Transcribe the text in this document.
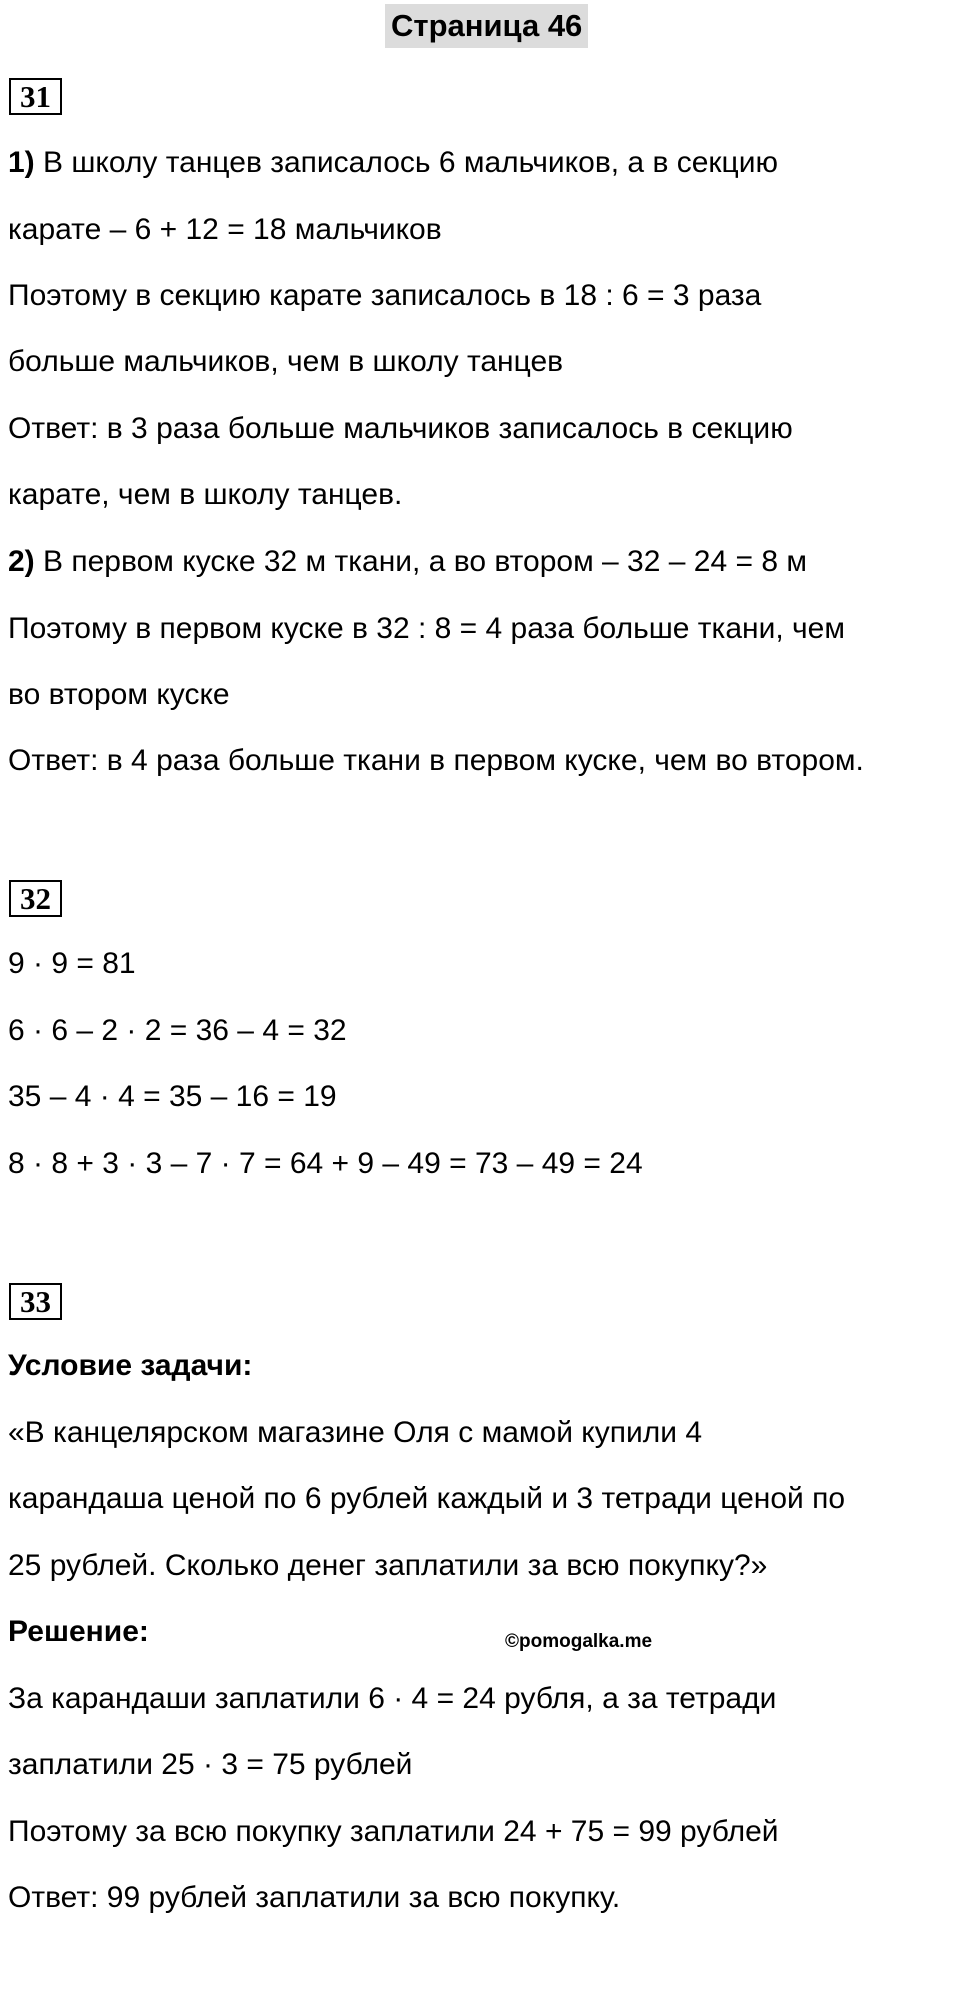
Страница 46
31
1) В школу танцев записалось 6 мальчиков, а в секцию
карате – 6 + 12 = 18 мальчиков
Поэтому в секцию карате записалось в 18 : 6 = 3 раза
больше мальчиков, чем в школу танцев
Ответ: в 3 раза больше мальчиков записалось в секцию
карате, чем в школу танцев.
2) В первом куске 32 м ткани, а во втором – 32 – 24 = 8 м
Поэтому в первом куске в 32 : 8 = 4 раза больше ткани, чем
во втором куске
Ответ: в 4 раза больше ткани в первом куске, чем во втором.
32
9 · 9 = 81
6 · 6 – 2 · 2 = 36 – 4 = 32
35 – 4 · 4 = 35 – 16 = 19
8 · 8 + 3 · 3 – 7 · 7 = 64 + 9 – 49 = 73 – 49 = 24
33
Условие задачи:
«В канцелярском магазине Оля с мамой купили 4
карандаша ценой по 6 рублей каждый и 3 тетради ценой по
25 рублей. Сколько денег заплатили за всю покупку?»
Решение:	©pomogalka.me
За карандаши заплатили 6 · 4 = 24 рубля, а за тетради
заплатили 25 · 3 = 75 рублей
Поэтому за всю покупку заплатили 24 + 75 = 99 рублей
Ответ: 99 рублей заплатили за всю покупку.
